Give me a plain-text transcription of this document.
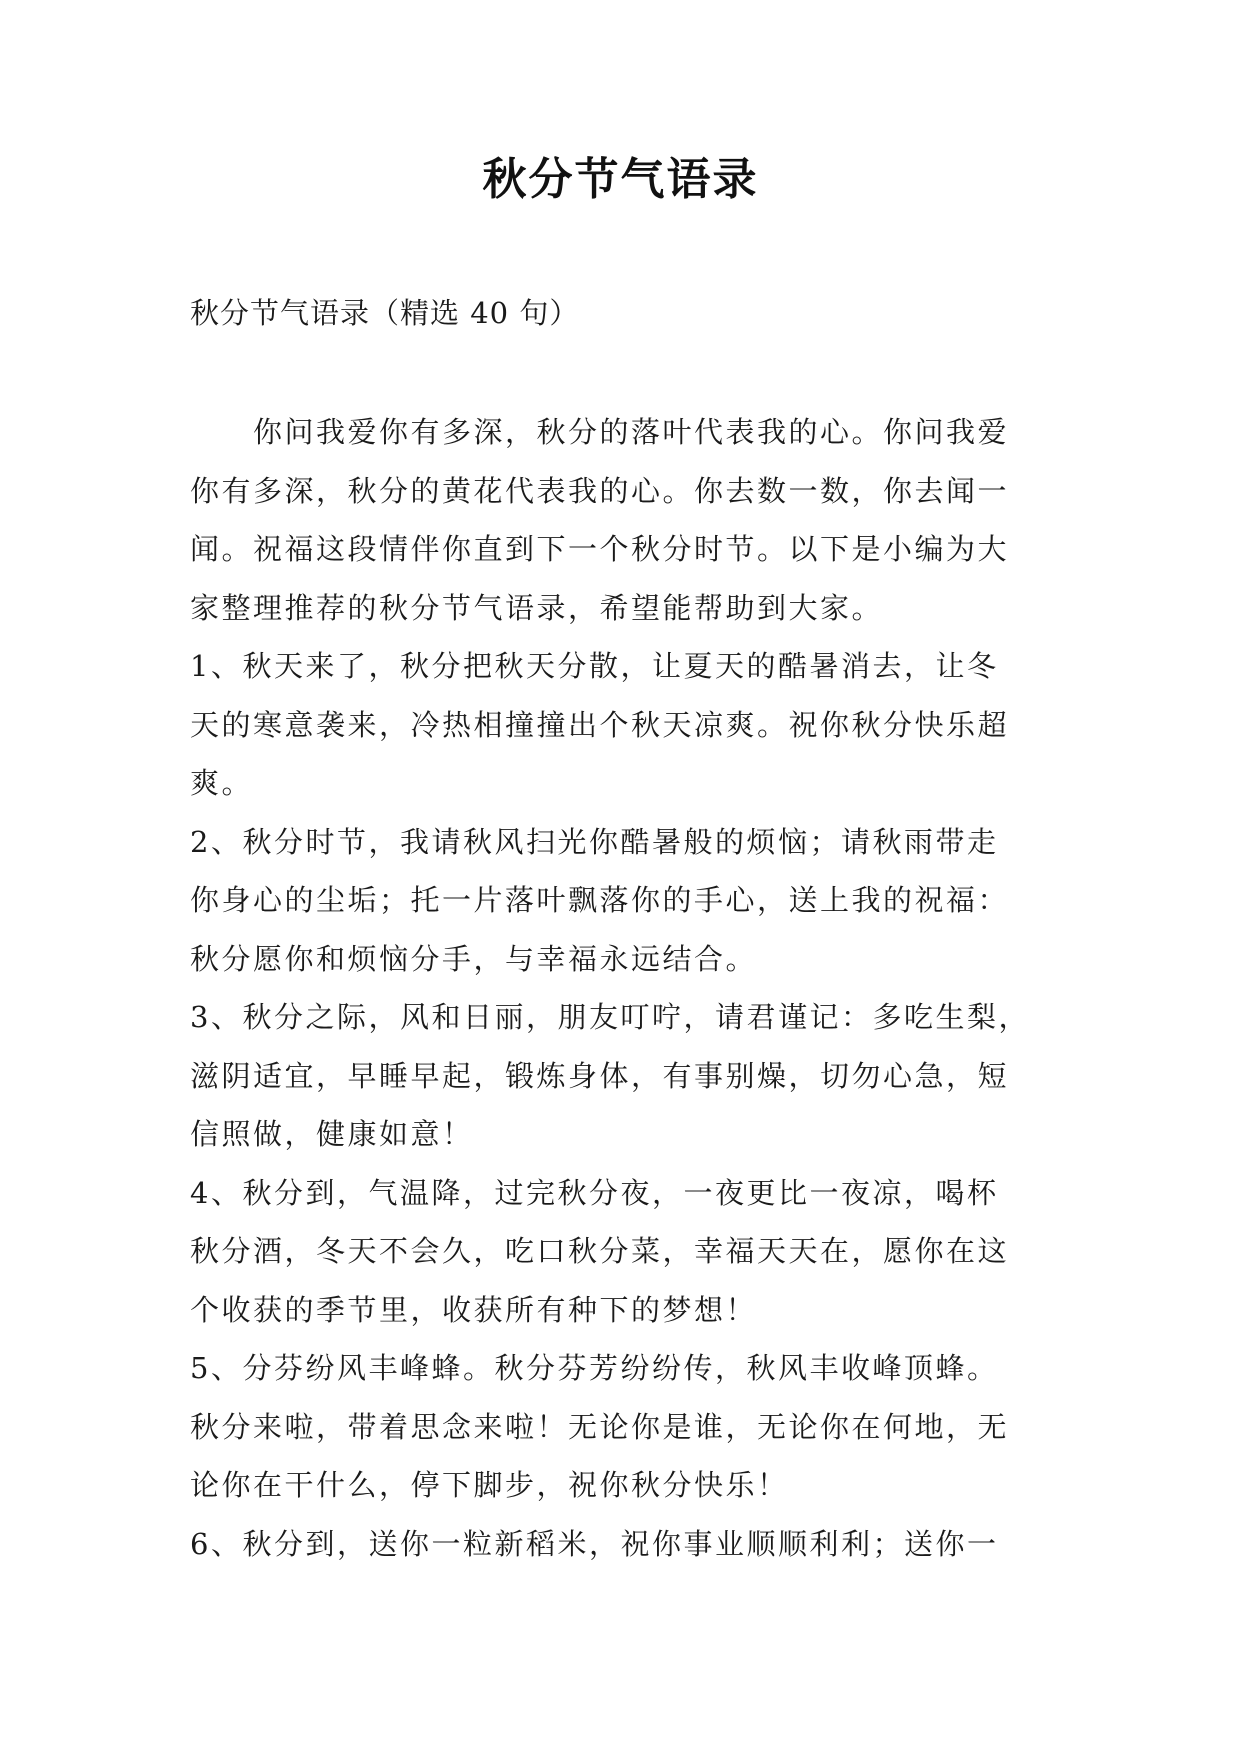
秋分节气语录
秋分节气语录（精选 40 句）
　　你问我爱你有多深，秋分的落叶代表我的心。你问我爱
你有多深，秋分的黄花代表我的心。你去数一数，你去闻一
闻。祝福这段情伴你直到下一个秋分时节。以下是小编为大
家整理推荐的秋分节气语录，希望能帮助到大家。
1、秋天来了，秋分把秋天分散，让夏天的酷暑消去，让冬
天的寒意袭来，冷热相撞撞出个秋天凉爽。祝你秋分快乐超
爽。
2、秋分时节，我请秋风扫光你酷暑般的烦恼；请秋雨带走
你身心的尘垢；托一片落叶飘落你的手心，送上我的祝福：
秋分愿你和烦恼分手，与幸福永远结合。
3、秋分之际，风和日丽，朋友叮咛，请君谨记：多吃生梨，
滋阴适宜，早睡早起，锻炼身体，有事别燥，切勿心急，短
信照做，健康如意！
4、秋分到，气温降，过完秋分夜，一夜更比一夜凉，喝杯
秋分酒，冬天不会久，吃口秋分菜，幸福天天在，愿你在这
个收获的季节里，收获所有种下的梦想！
5、分芬纷风丰峰蜂。秋分芬芳纷纷传，秋风丰收峰顶蜂。
秋分来啦，带着思念来啦！无论你是谁，无论你在何地，无
论你在干什么，停下脚步，祝你秋分快乐！
6、秋分到，送你一粒新稻米，祝你事业顺顺利利；送你一
